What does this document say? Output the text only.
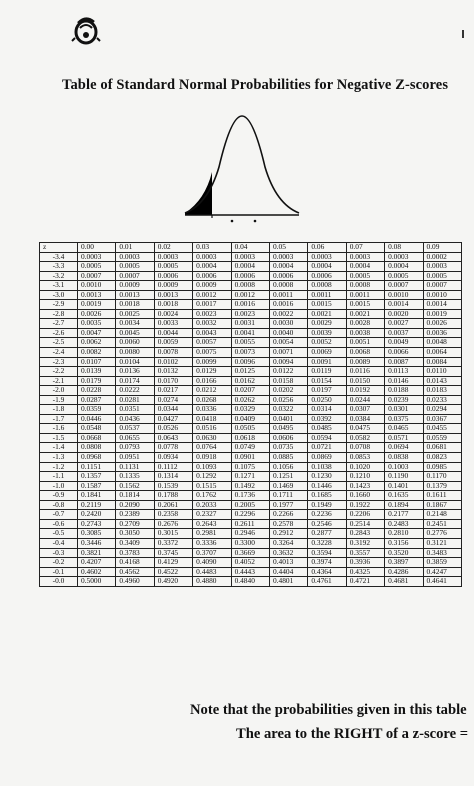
Table of Standard Normal Probabilities for Negative Z-scores
z	0.00	0.01	0.02	0.03	0.04	0.05	0.06	0.07	0.08	0.09
-3.4	0.0003	0.0003	0.0003	0.0003	0.0003	0.0003	0.0003	0.0003	0.0003	0.0002
-3.3	0.0005	0.0005	0.0005	0.0004	0.0004	0.0004	0.0004	0.0004	0.0004	0.0003
-3.2	0.0007	0.0007	0.0006	0.0006	0.0006	0.0006	0.0006	0.0005	0.0005	0.0005
-3.1	0.0010	0.0009	0.0009	0.0009	0.0008	0.0008	0.0008	0.0008	0.0007	0.0007
-3.0	0.0013	0.0013	0.0013	0.0012	0.0012	0.0011	0.0011	0.0011	0.0010	0.0010
-2.9	0.0019	0.0018	0.0018	0.0017	0.0016	0.0016	0.0015	0.0015	0.0014	0.0014
-2.8	0.0026	0.0025	0.0024	0.0023	0.0023	0.0022	0.0021	0.0021	0.0020	0.0019
-2.7	0.0035	0.0034	0.0033	0.0032	0.0031	0.0030	0.0029	0.0028	0.0027	0.0026
-2.6	0.0047	0.0045	0.0044	0.0043	0.0041	0.0040	0.0039	0.0038	0.0037	0.0036
-2.5	0.0062	0.0060	0.0059	0.0057	0.0055	0.0054	0.0052	0.0051	0.0049	0.0048
-2.4	0.0082	0.0080	0.0078	0.0075	0.0073	0.0071	0.0069	0.0068	0.0066	0.0064
-2.3	0.0107	0.0104	0.0102	0.0099	0.0096	0.0094	0.0091	0.0089	0.0087	0.0084
-2.2	0.0139	0.0136	0.0132	0.0129	0.0125	0.0122	0.0119	0.0116	0.0113	0.0110
-2.1	0.0179	0.0174	0.0170	0.0166	0.0162	0.0158	0.0154	0.0150	0.0146	0.0143
-2.0	0.0228	0.0222	0.0217	0.0212	0.0207	0.0202	0.0197	0.0192	0.0188	0.0183
-1.9	0.0287	0.0281	0.0274	0.0268	0.0262	0.0256	0.0250	0.0244	0.0239	0.0233
-1.8	0.0359	0.0351	0.0344	0.0336	0.0329	0.0322	0.0314	0.0307	0.0301	0.0294
-1.7	0.0446	0.0436	0.0427	0.0418	0.0409	0.0401	0.0392	0.0384	0.0375	0.0367
-1.6	0.0548	0.0537	0.0526	0.0516	0.0505	0.0495	0.0485	0.0475	0.0465	0.0455
-1.5	0.0668	0.0655	0.0643	0.0630	0.0618	0.0606	0.0594	0.0582	0.0571	0.0559
-1.4	0.0808	0.0793	0.0778	0.0764	0.0749	0.0735	0.0721	0.0708	0.0694	0.0681
-1.3	0.0968	0.0951	0.0934	0.0918	0.0901	0.0885	0.0869	0.0853	0.0838	0.0823
-1.2	0.1151	0.1131	0.1112	0.1093	0.1075	0.1056	0.1038	0.1020	0.1003	0.0985
-1.1	0.1357	0.1335	0.1314	0.1292	0.1271	0.1251	0.1230	0.1210	0.1190	0.1170
-1.0	0.1587	0.1562	0.1539	0.1515	0.1492	0.1469	0.1446	0.1423	0.1401	0.1379
-0.9	0.1841	0.1814	0.1788	0.1762	0.1736	0.1711	0.1685	0.1660	0.1635	0.1611
-0.8	0.2119	0.2090	0.2061	0.2033	0.2005	0.1977	0.1949	0.1922	0.1894	0.1867
-0.7	0.2420	0.2389	0.2358	0.2327	0.2296	0.2266	0.2236	0.2206	0.2177	0.2148
-0.6	0.2743	0.2709	0.2676	0.2643	0.2611	0.2578	0.2546	0.2514	0.2483	0.2451
-0.5	0.3085	0.3050	0.3015	0.2981	0.2946	0.2912	0.2877	0.2843	0.2810	0.2776
-0.4	0.3446	0.3409	0.3372	0.3336	0.3300	0.3264	0.3228	0.3192	0.3156	0.3121
-0.3	0.3821	0.3783	0.3745	0.3707	0.3669	0.3632	0.3594	0.3557	0.3520	0.3483
-0.2	0.4207	0.4168	0.4129	0.4090	0.4052	0.4013	0.3974	0.3936	0.3897	0.3859
-0.1	0.4602	0.4562	0.4522	0.4483	0.4443	0.4404	0.4364	0.4325	0.4286	0.4247
-0.0	0.5000	0.4960	0.4920	0.4880	0.4840	0.4801	0.4761	0.4721	0.4681	0.4641
Note that the probabilities given in this table
The area to the RIGHT of a z-score =
